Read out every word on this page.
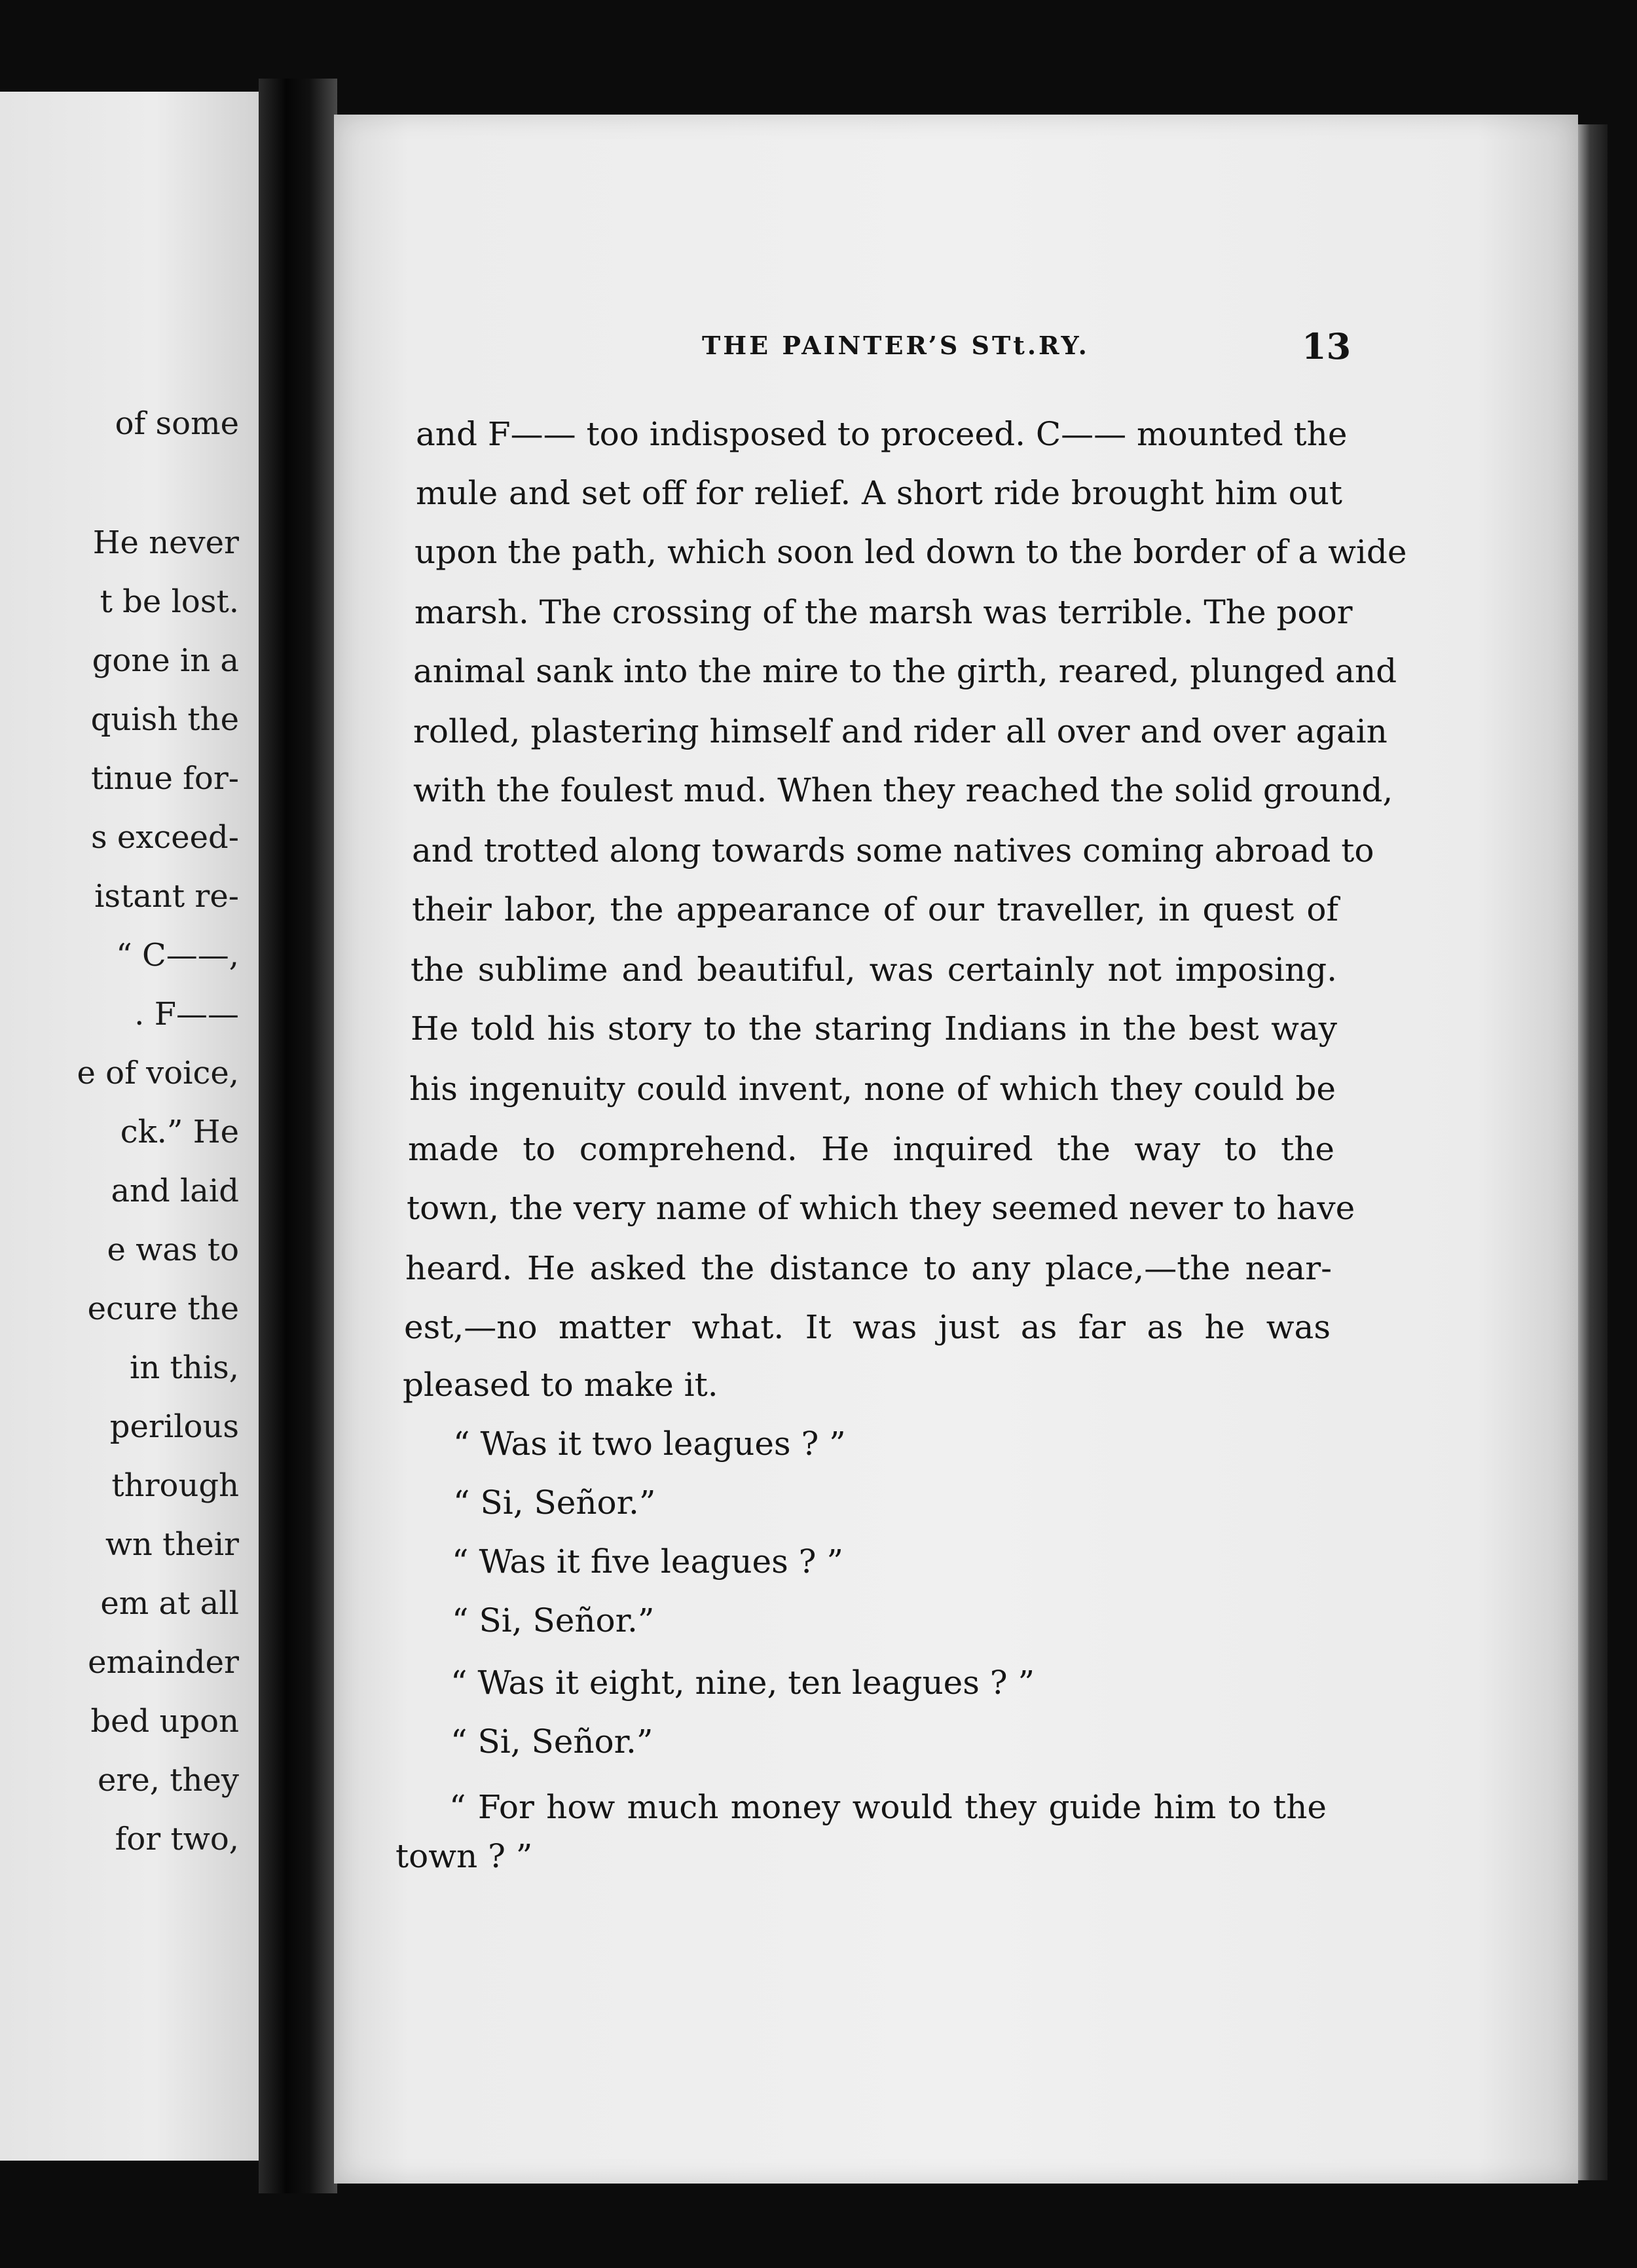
of some
He never
t be lost.
gone in a
quish the
tinue for-
s exceed-
istant re-
“ C——,
. F——
e of voice,
ck.” He
and laid
e was to
ecure the
in this,
perilous
through
wn their
em at all
emainder
bed upon
ere, they
for two,
THE PAINTER’S STt.RY.	13
and F—— too indisposed to proceed. C—— mounted the
mule and set off for relief. A short ride brought him out
upon the path, which soon led down to the border of a wide
marsh. The crossing of the marsh was terrible. The poor
animal sank into the mire to the girth, reared, plunged and
rolled, plastering himself and rider all over and over again
with the foulest mud. When they reached the solid ground,
and trotted along towards some natives coming abroad to
their labor, the appearance of our traveller, in quest of
the sublime and beautiful, was certainly not imposing.
He told his story to the staring Indians in the best way
his ingenuity could invent, none of which they could be
made to comprehend. He inquired the way to the
town, the very name of which they seemed never to have
heard. He asked the distance to any place,—the near-
est,—no matter what. It was just as far as he was
pleased to make it.
“ Was it two leagues ? ”
“ Si, Señor.”
“ Was it five leagues ? ”
“ Si, Señor.”
“ Was it eight, nine, ten leagues ? ”
“ Si, Señor.”
“ For how much money would they guide him to the
town ? ”
